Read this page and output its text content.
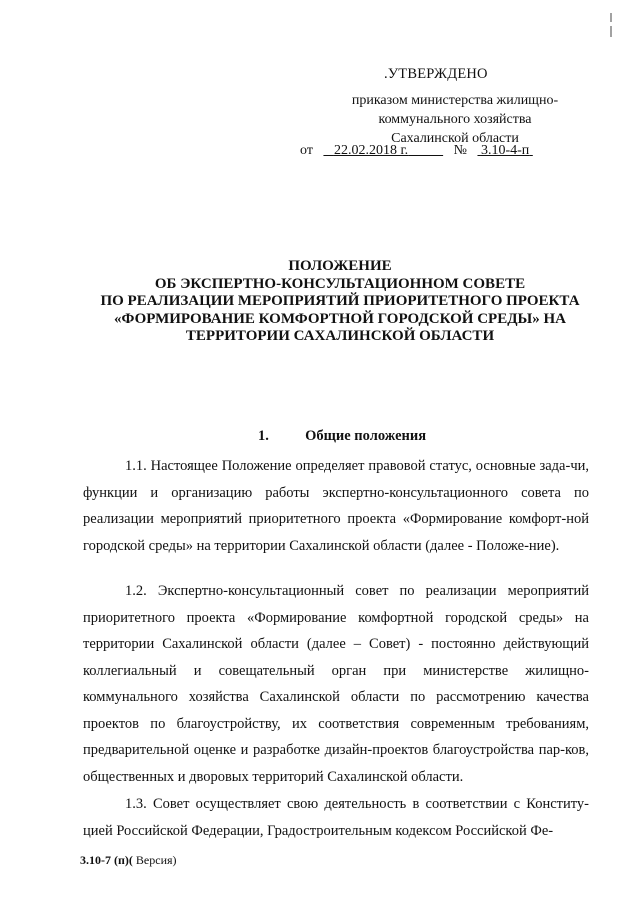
.УТВЕРЖДЕНО
приказом министерства жилищно-
коммунального хозяйства
Сахалинской области
от 22.02.2018 г.	№ 3.10-4-п
ПОЛОЖЕНИЕ
ОБ ЭКСПЕРТНО-КОНСУЛЬТАЦИОННОМ СОВЕТЕ
ПО РЕАЛИЗАЦИИ МЕРОПРИЯТИЙ ПРИОРИТЕТНОГО ПРОЕКТА
«ФОРМИРОВАНИЕ КОМФОРТНОЙ ГОРОДСКОЙ СРЕДЫ» НА
ТЕРРИТОРИИ САХАЛИНСКОЙ ОБЛАСТИ
1.	Общие положения

1.1. Настоящее Положение определяет правовой статус, основные зада-чи, функции и организацию работы экспертно-консультационного совета по реализации мероприятий приоритетного проекта «Формирование комфорт-ной городской среды» на территории Сахалинской области (далее - Положе-ние).

1.2. Экспертно-консультационный совет по реализации мероприятий приоритетного проекта «Формирование комфортной городской среды» на территории Сахалинской области (далее – Совет) - постоянно действующий коллегиальный и совещательный орган при министерстве жилищно-коммунального хозяйства Сахалинской области по рассмотрению качества проектов по благоустройству, их соответствия современным требованиям, предварительной оценке и разработке дизайн-проектов благоустройства пар-ков, общественных и дворовых территорий Сахалинской области.

1.3. Совет осуществляет свою деятельность в соответствии с Конститу-цией Российской Федерации, Градостроительным кодексом Российской Фе-

3.10-7 (п)( Версия)
